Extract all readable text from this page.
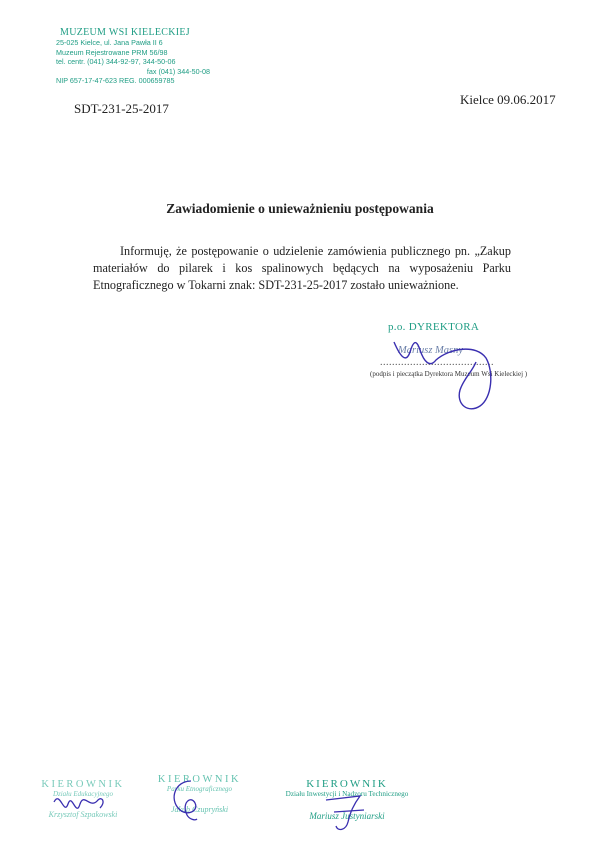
MUZEUM WSI KIELECKIEJ
25-025 Kielce, ul. Jana Pawła II 6
Muzeum Rejestrowane PRM 56/98
tel. centr. (041) 344-92-97, 344-50-06
fax (041) 344-50-08
NIP 657-17-47-623 REG. 000659785
SDT-231-25-2017
Kielce 09.06.2017
Zawiadomienie o unieważnieniu postępowania

Informuję, że postępowanie o udzielenie zamówienia publicznego pn. „Zakup materiałów do pilarek i kos spalinowych będących na wyposażeniu Parku Etnograficznego w Tokarni znak: SDT-231-25-2017 zostało unieważnione.

p.o. DYREKTORA
Mariusz Masny
......................................
(podpis i pieczątka Dyrektora Muzeum Wsi Kieleckiej )
KIEROWNIK
Działu Edukacyjnego
Krzysztof Szpakowski
KIEROWNIK
Parku Etnograficznego
Jakub Czupryński
KIEROWNIK
Działu Inwestycji i Nadzoru Technicznego
Mariusz Justyniarski
